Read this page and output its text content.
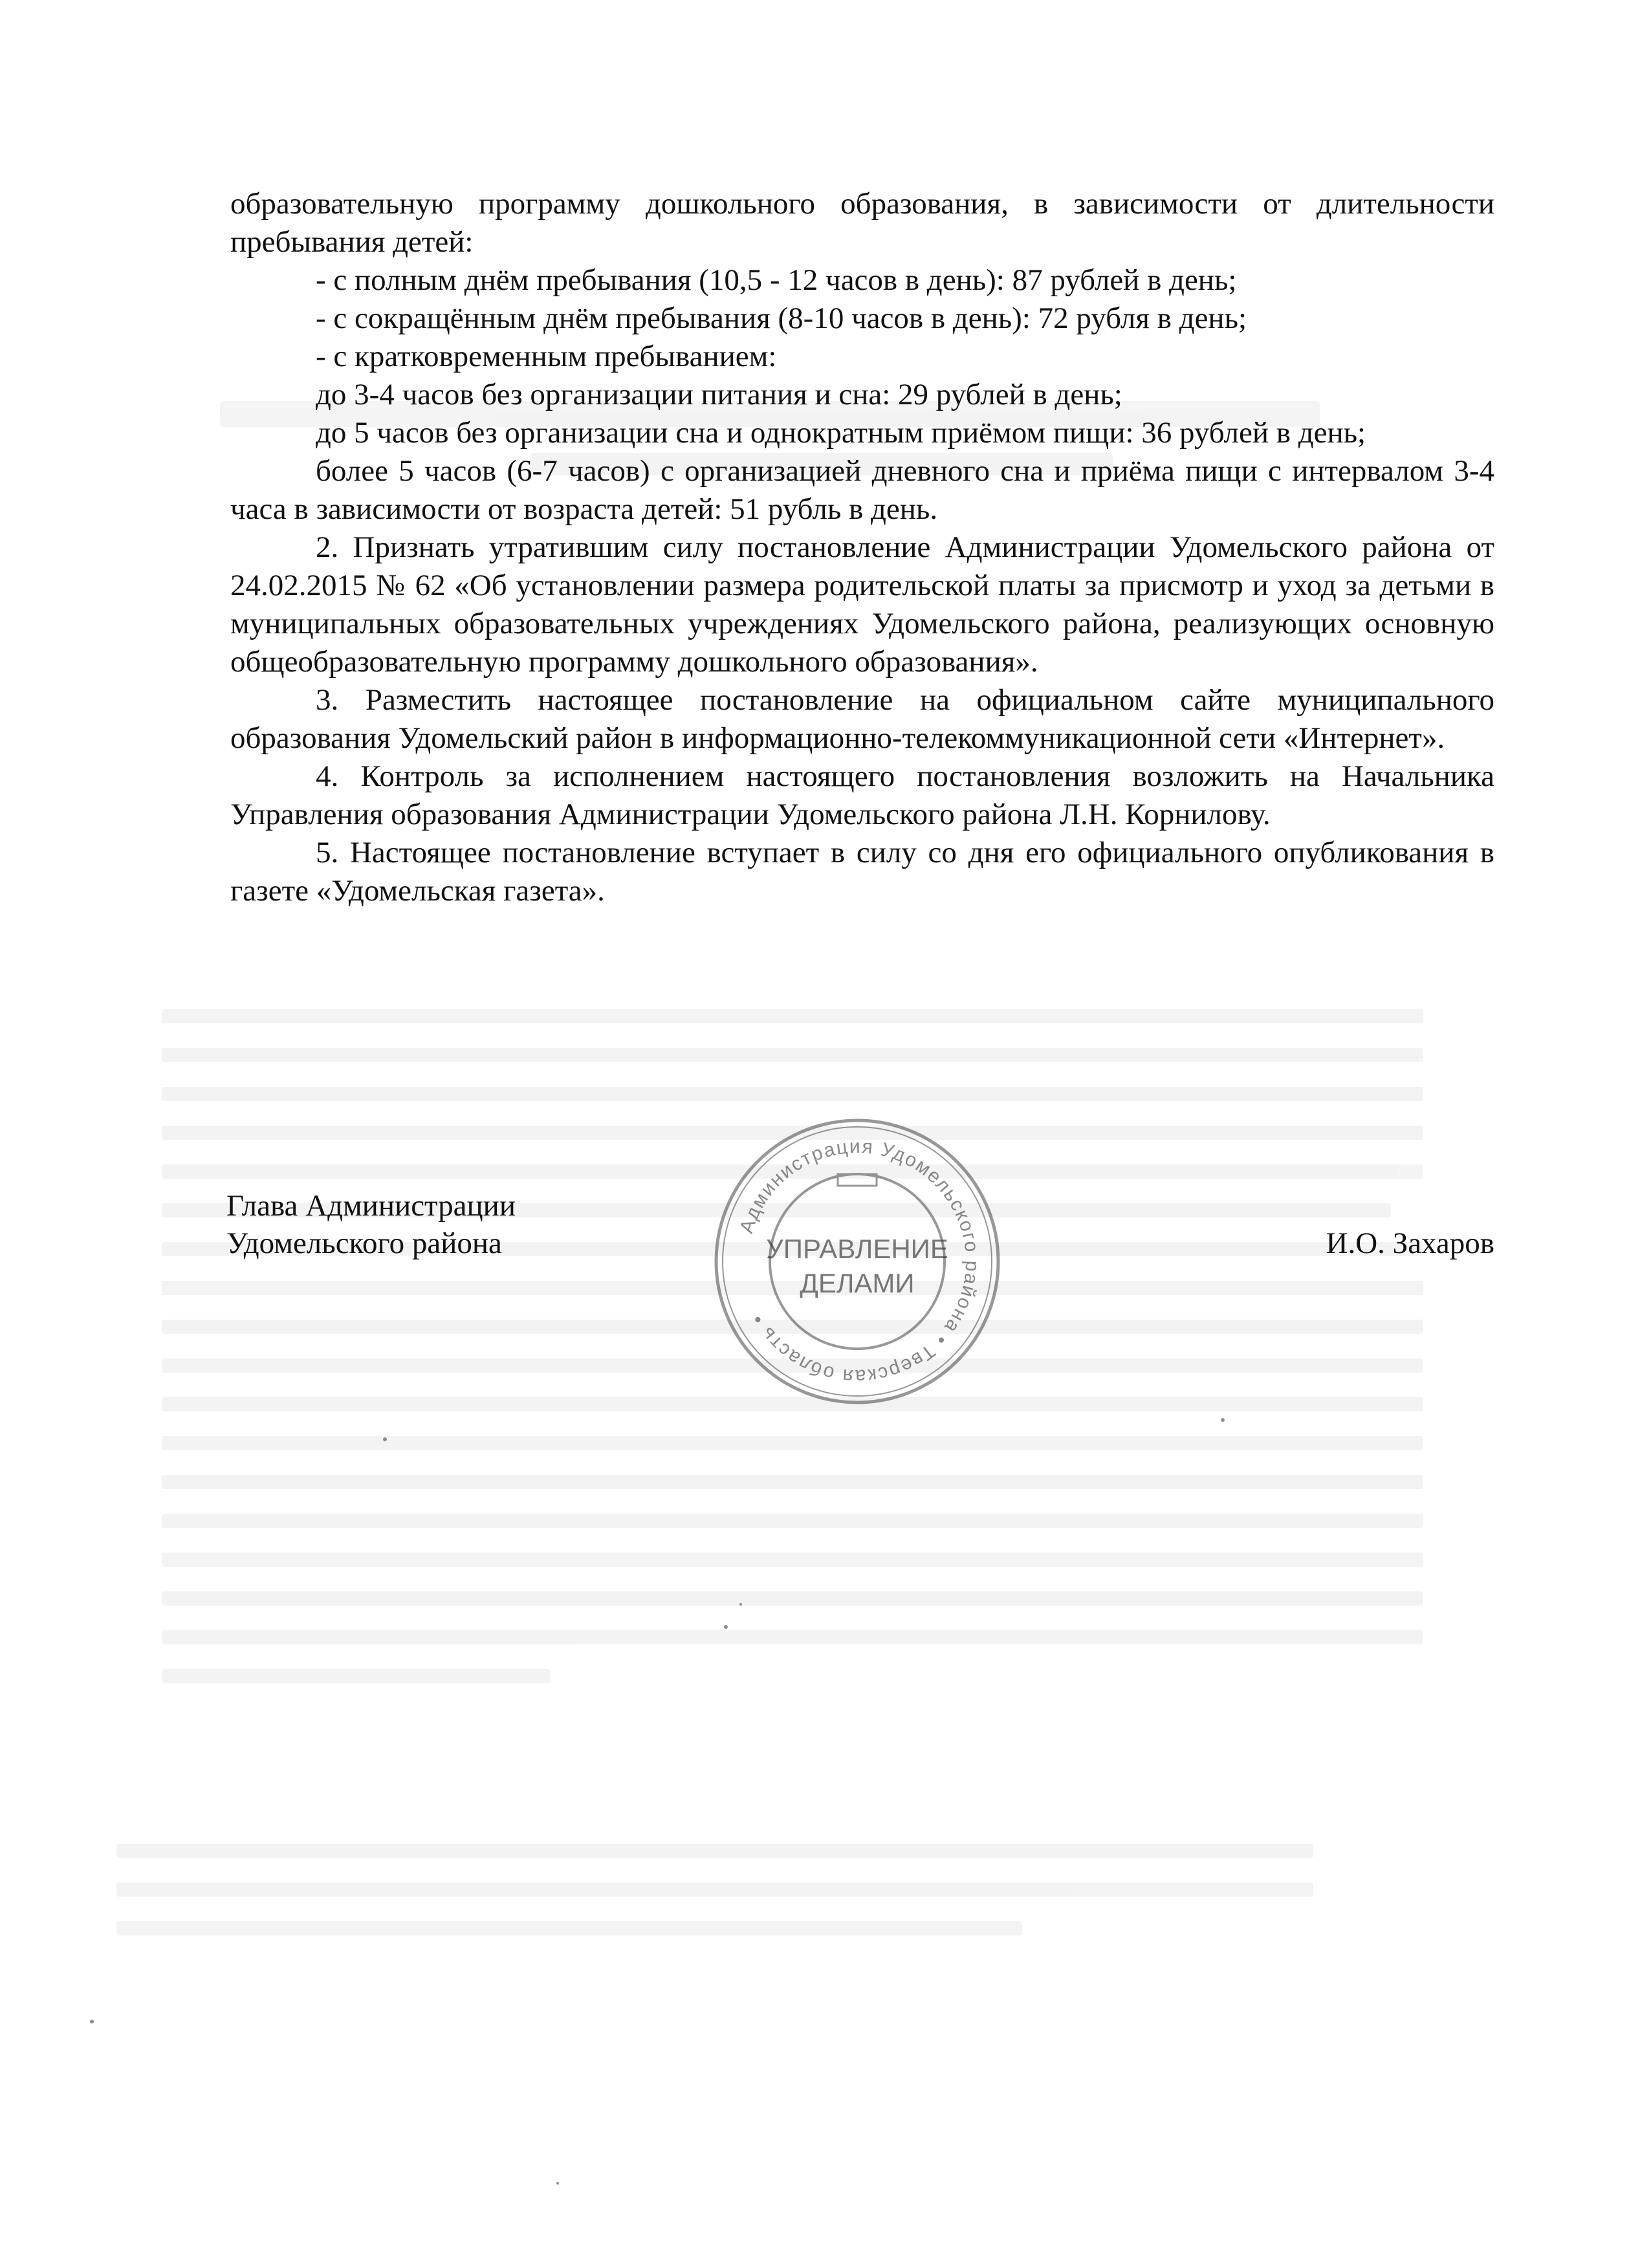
образовательную программу дошкольного образования, в зависимости от длительности пребывания детей:

- с полным днём пребывания (10,5 - 12 часов в день): 87 рублей в день;

- с сокращённым днём пребывания (8-10 часов в день): 72 рубля в день;

- с кратковременным пребыванием:

до 3-4 часов без организации питания и сна: 29 рублей в день;

до 5 часов без организации сна и однократным приёмом пищи: 36 рублей в день;

более 5 часов (6-7 часов) с организацией дневного сна и приёма пищи с интервалом 3-4 часа в зависимости от возраста детей: 51 рубль в день.

2. Признать утратившим силу постановление Администрации Удомельского района от 24.02.2015 № 62 «Об установлении размера родительской платы за присмотр и уход за детьми в муниципальных образовательных учреждениях Удомельского района, реализующих основную общеобразовательную программу дошкольного образования».

3. Разместить настоящее постановление на официальном сайте муниципального образования Удомельский район в информационно-телекоммуникационной сети «Интернет».

4. Контроль за исполнением настоящего постановления возложить на Начальника Управления образования Администрации Удомельского района Л.Н. Корнилову.

5. Настоящее постановление вступает в силу со дня его официального опубликования в газете «Удомельская газета».

Глава Администрации
Удомельского района	И.О. Захаров
Администрация Удомельского района • Тверская область •
УПРАВЛЕНИЕ
ДЕЛАМИ
